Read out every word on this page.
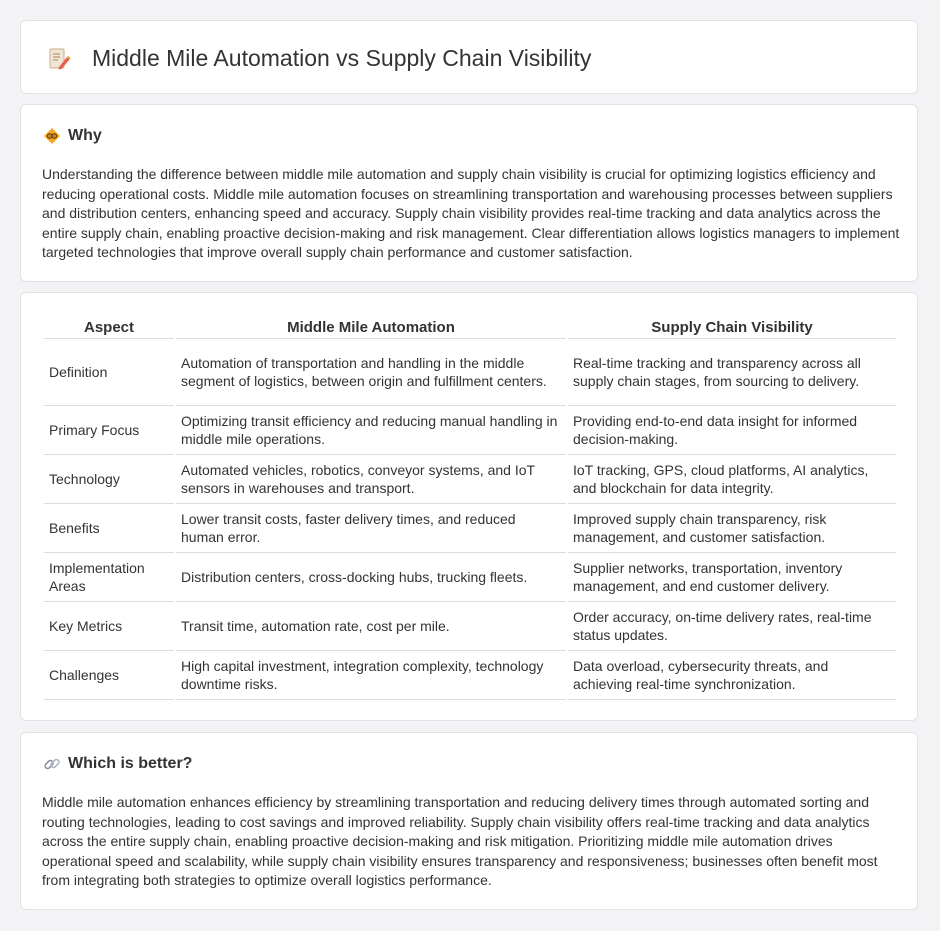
Middle Mile Automation vs Supply Chain Visibility
Why

Understanding the difference between middle mile automation and supply chain visibility is crucial for optimizing logistics efficiency and reducing operational costs. Middle mile automation focuses on streamlining transportation and warehousing processes between suppliers and distribution centers, enhancing speed and accuracy. Supply chain visibility provides real-time tracking and data analytics across the entire supply chain, enabling proactive decision-making and risk management. Clear differentiation allows logistics managers to implement targeted technologies that improve overall supply chain performance and customer satisfaction.

Aspect	Middle Mile Automation	Supply Chain Visibility
Definition	Automation of transportation and handling in the middle segment of logistics, between origin and fulfillment centers.	Real-time tracking and transparency across all supply chain stages, from sourcing to delivery.
Primary Focus	Optimizing transit efficiency and reducing manual handling in middle mile operations.	Providing end-to-end data insight for informed decision-making.
Technology	Automated vehicles, robotics, conveyor systems, and IoT sensors in warehouses and transport.	IoT tracking, GPS, cloud platforms, AI analytics, and blockchain for data integrity.
Benefits	Lower transit costs, faster delivery times, and reduced human error.	Improved supply chain transparency, risk management, and customer satisfaction.
Implementation Areas	Distribution centers, cross-docking hubs, trucking fleets.	Supplier networks, transportation, inventory management, and end customer delivery.
Key Metrics	Transit time, automation rate, cost per mile.	Order accuracy, on-time delivery rates, real-time status updates.
Challenges	High capital investment, integration complexity, technology downtime risks.	Data overload, cybersecurity threats, and achieving real-time synchronization.
Which is better?

Middle mile automation enhances efficiency by streamlining transportation and reducing delivery times through automated sorting and routing technologies, leading to cost savings and improved reliability. Supply chain visibility offers real-time tracking and data analytics across the entire supply chain, enabling proactive decision-making and risk mitigation. Prioritizing middle mile automation drives operational speed and scalability, while supply chain visibility ensures transparency and responsiveness; businesses often benefit most from integrating both strategies to optimize overall logistics performance.
